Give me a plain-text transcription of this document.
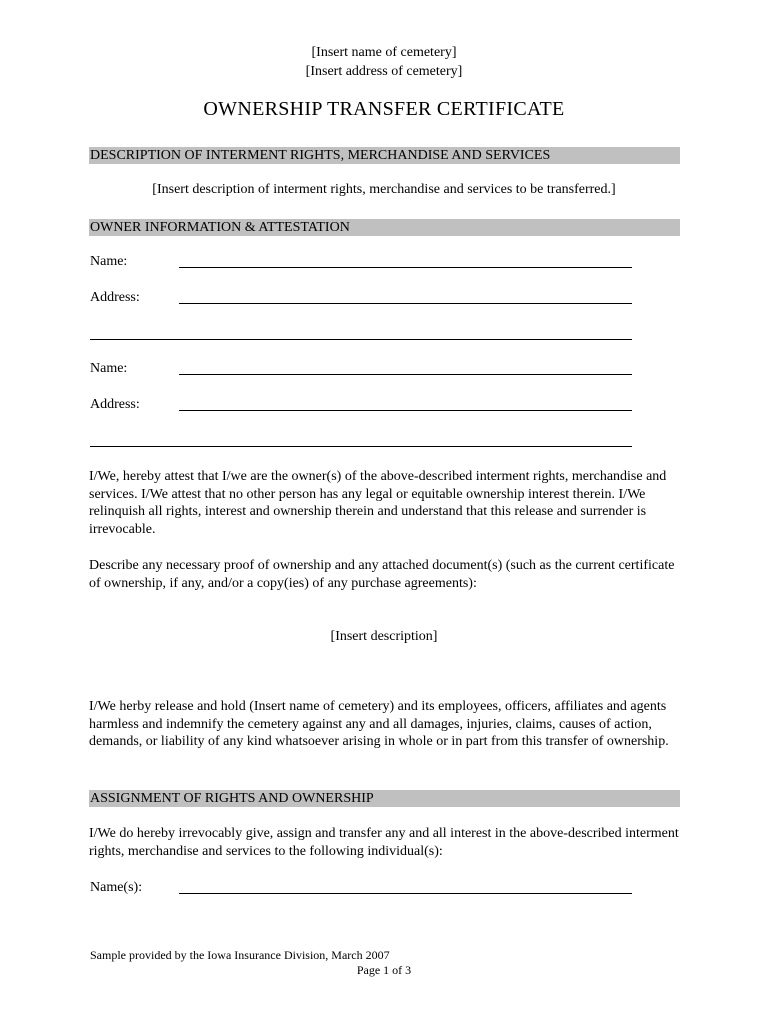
[Insert name of cemetery]
[Insert address of cemetery]
OWNERSHIP TRANSFER CERTIFICATE
DESCRIPTION OF INTERMENT RIGHTS, MERCHANDISE AND SERVICES
[Insert description of interment rights, merchandise and services to be transferred.]
OWNER INFORMATION & ATTESTATION
Name:
Address:
Name:
Address:
I/We, hereby attest that I/we are the owner(s) of the above-described interment rights, merchandise and services. I/We attest that no other person has any legal or equitable ownership interest therein. I/We relinquish all rights, interest and ownership therein and understand that this release and surrender is irrevocable.
Describe any necessary proof of ownership and any attached document(s) (such as the current certificate of ownership, if any, and/or a copy(ies) of any purchase agreements):
[Insert description]
I/We herby release and hold (Insert name of cemetery) and its employees, officers, affiliates and agents harmless and indemnify the cemetery against any and all damages, injuries, claims, causes of action, demands, or liability of any kind whatsoever arising in whole or in part from this transfer of ownership.
ASSIGNMENT OF RIGHTS AND OWNERSHIP
I/We do hereby irrevocably give, assign and transfer any and all interest in the above-described interment rights, merchandise and services to the following individual(s):
Name(s):
Sample provided by the Iowa Insurance Division, March 2007
Page 1 of 3
